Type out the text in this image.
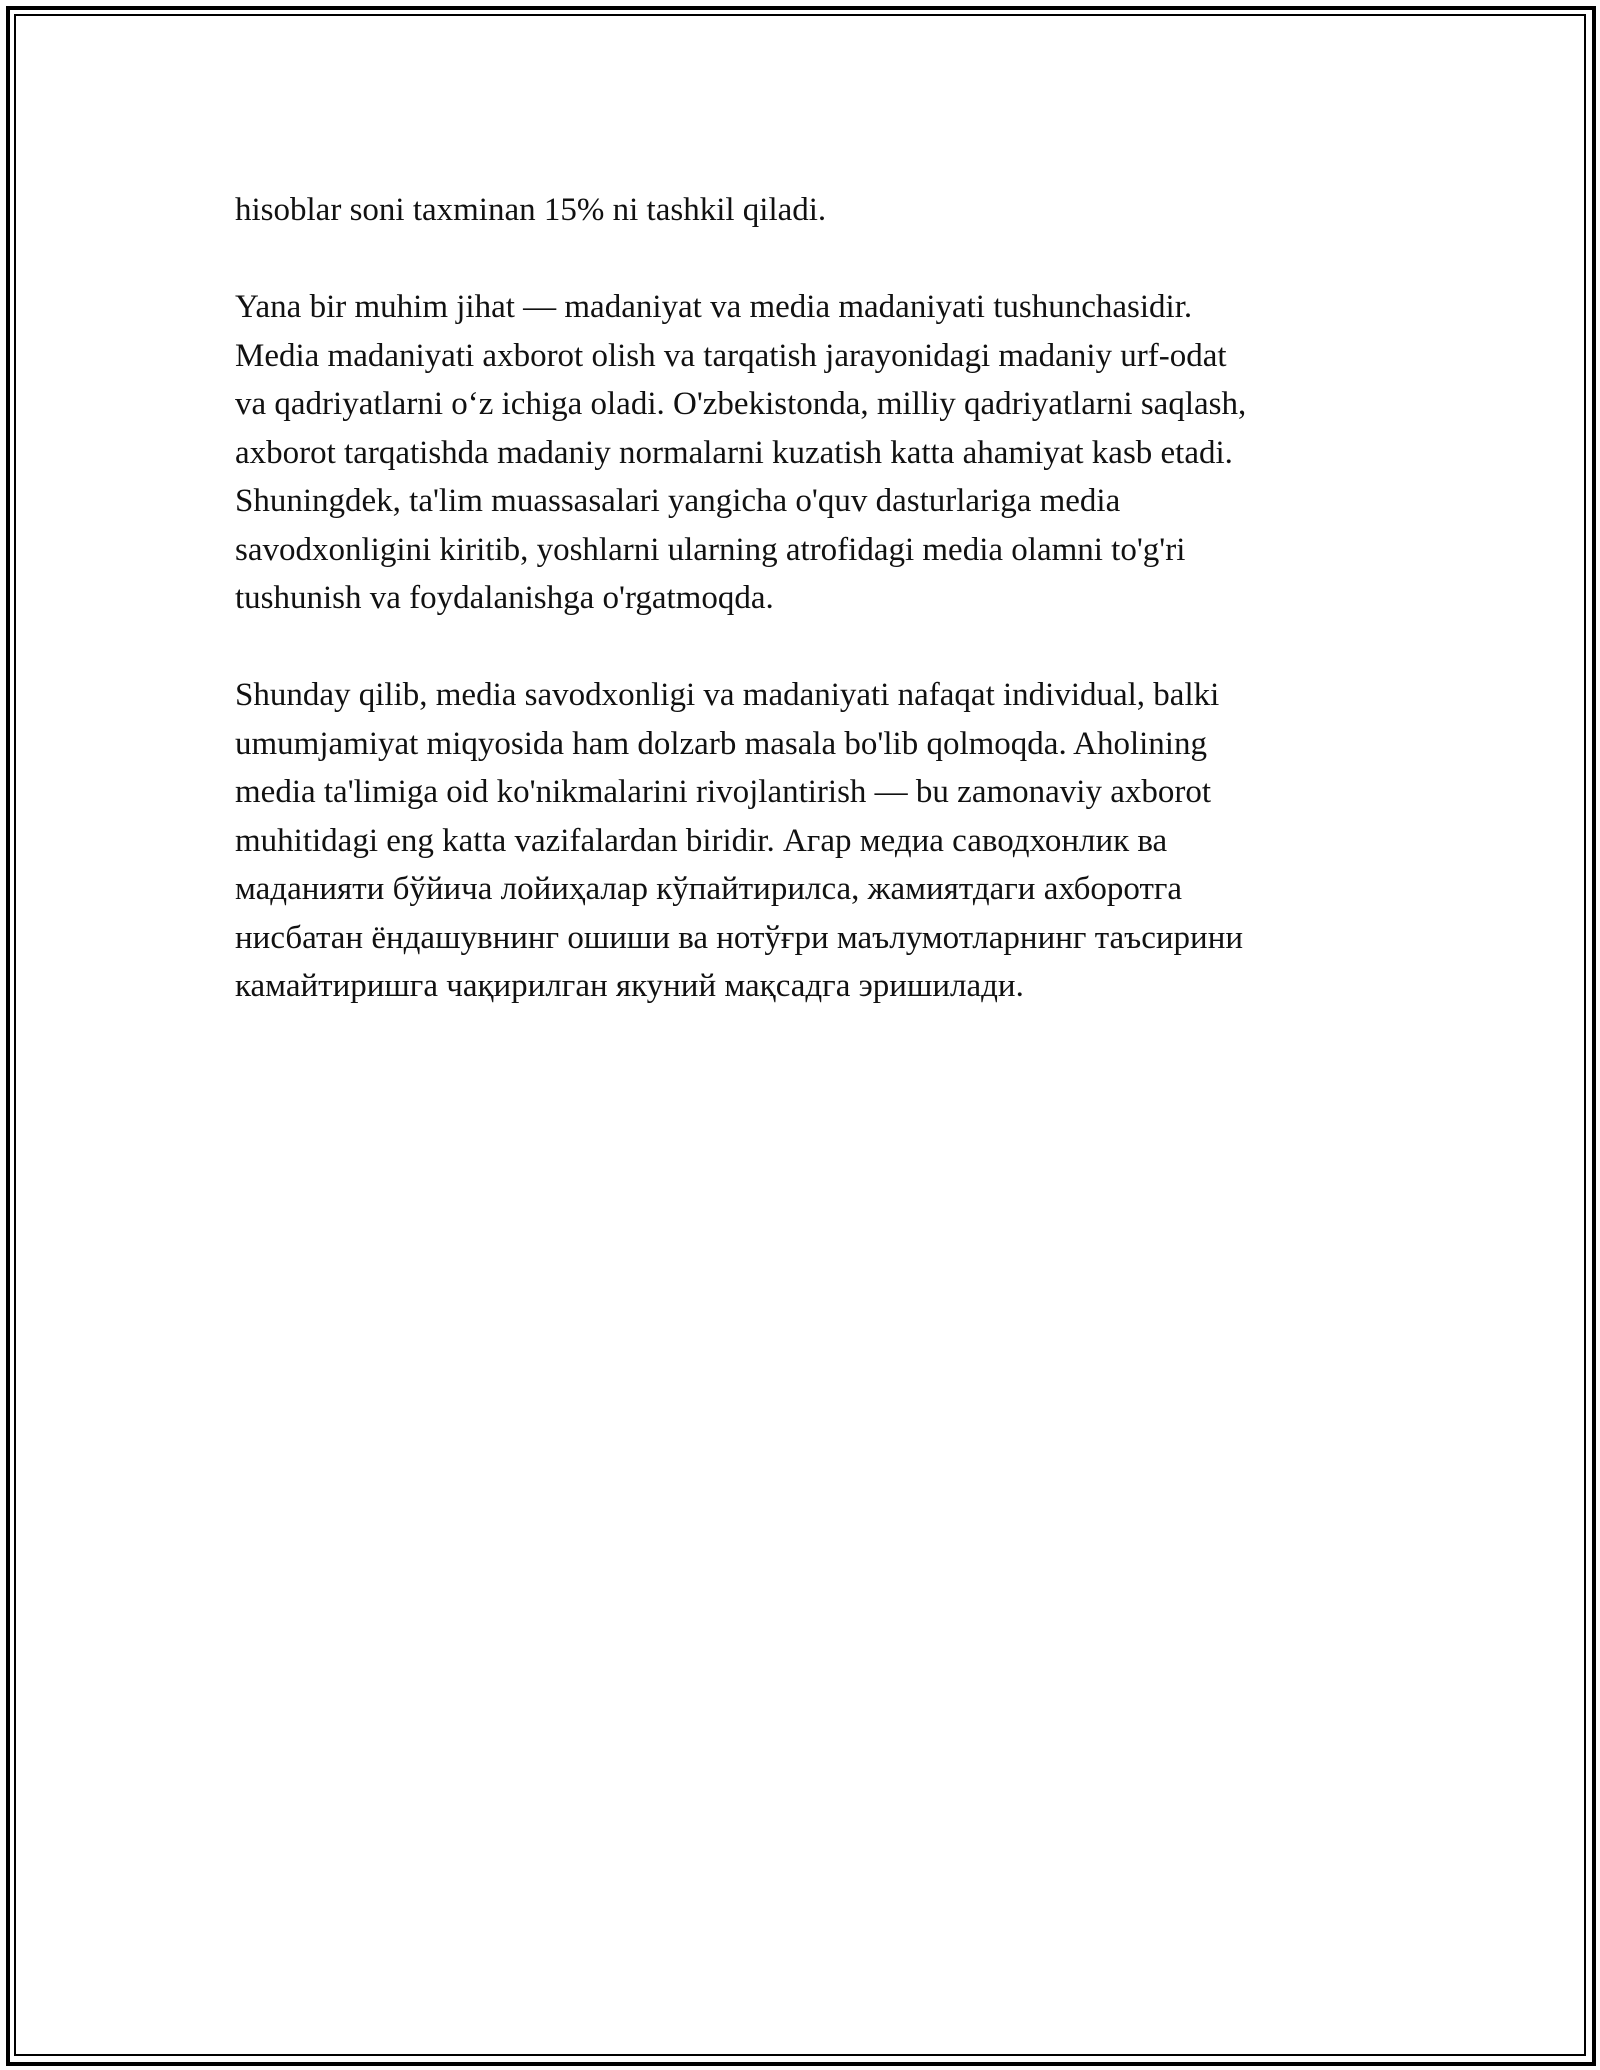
hisoblar soni taxminan 15% ni tashkil qiladi.

Yana bir muhim jihat — madaniyat va media madaniyati tushunchasidir.
Media madaniyati axborot olish va tarqatish jarayonidagi madaniy urf-odat
va qadriyatlarni oʻz ichiga oladi. O'zbekistonda, milliy qadriyatlarni saqlash,
axborot tarqatishda madaniy normalarni kuzatish katta ahamiyat kasb etadi.
Shuningdek, ta'lim muassasalari yangicha o'quv dasturlariga media
savodxonligini kiritib, yoshlarni ularning atrofidagi media olamni to'g'ri
tushunish va foydalanishga o'rgatmoqda.

Shunday qilib, media savodxonligi va madaniyati nafaqat individual, balki
umumjamiyat miqyosida ham dolzarb masala bo'lib qolmoqda. Aholining
media ta'limiga oid ko'nikmalarini rivojlantirish — bu zamonaviy axborot
muhitidagi eng katta vazifalardan biridir. Агар медиа саводхонлик ва
маданияти бўйича лойиҳалар кўпайтирилса, жамиятдаги ахборотга
нисбатан ёндашувнинг ошиши ва нотўғри маълумотларнинг таъсирини
камайтиришга чақирилган якуний мақсадга эришилади.
